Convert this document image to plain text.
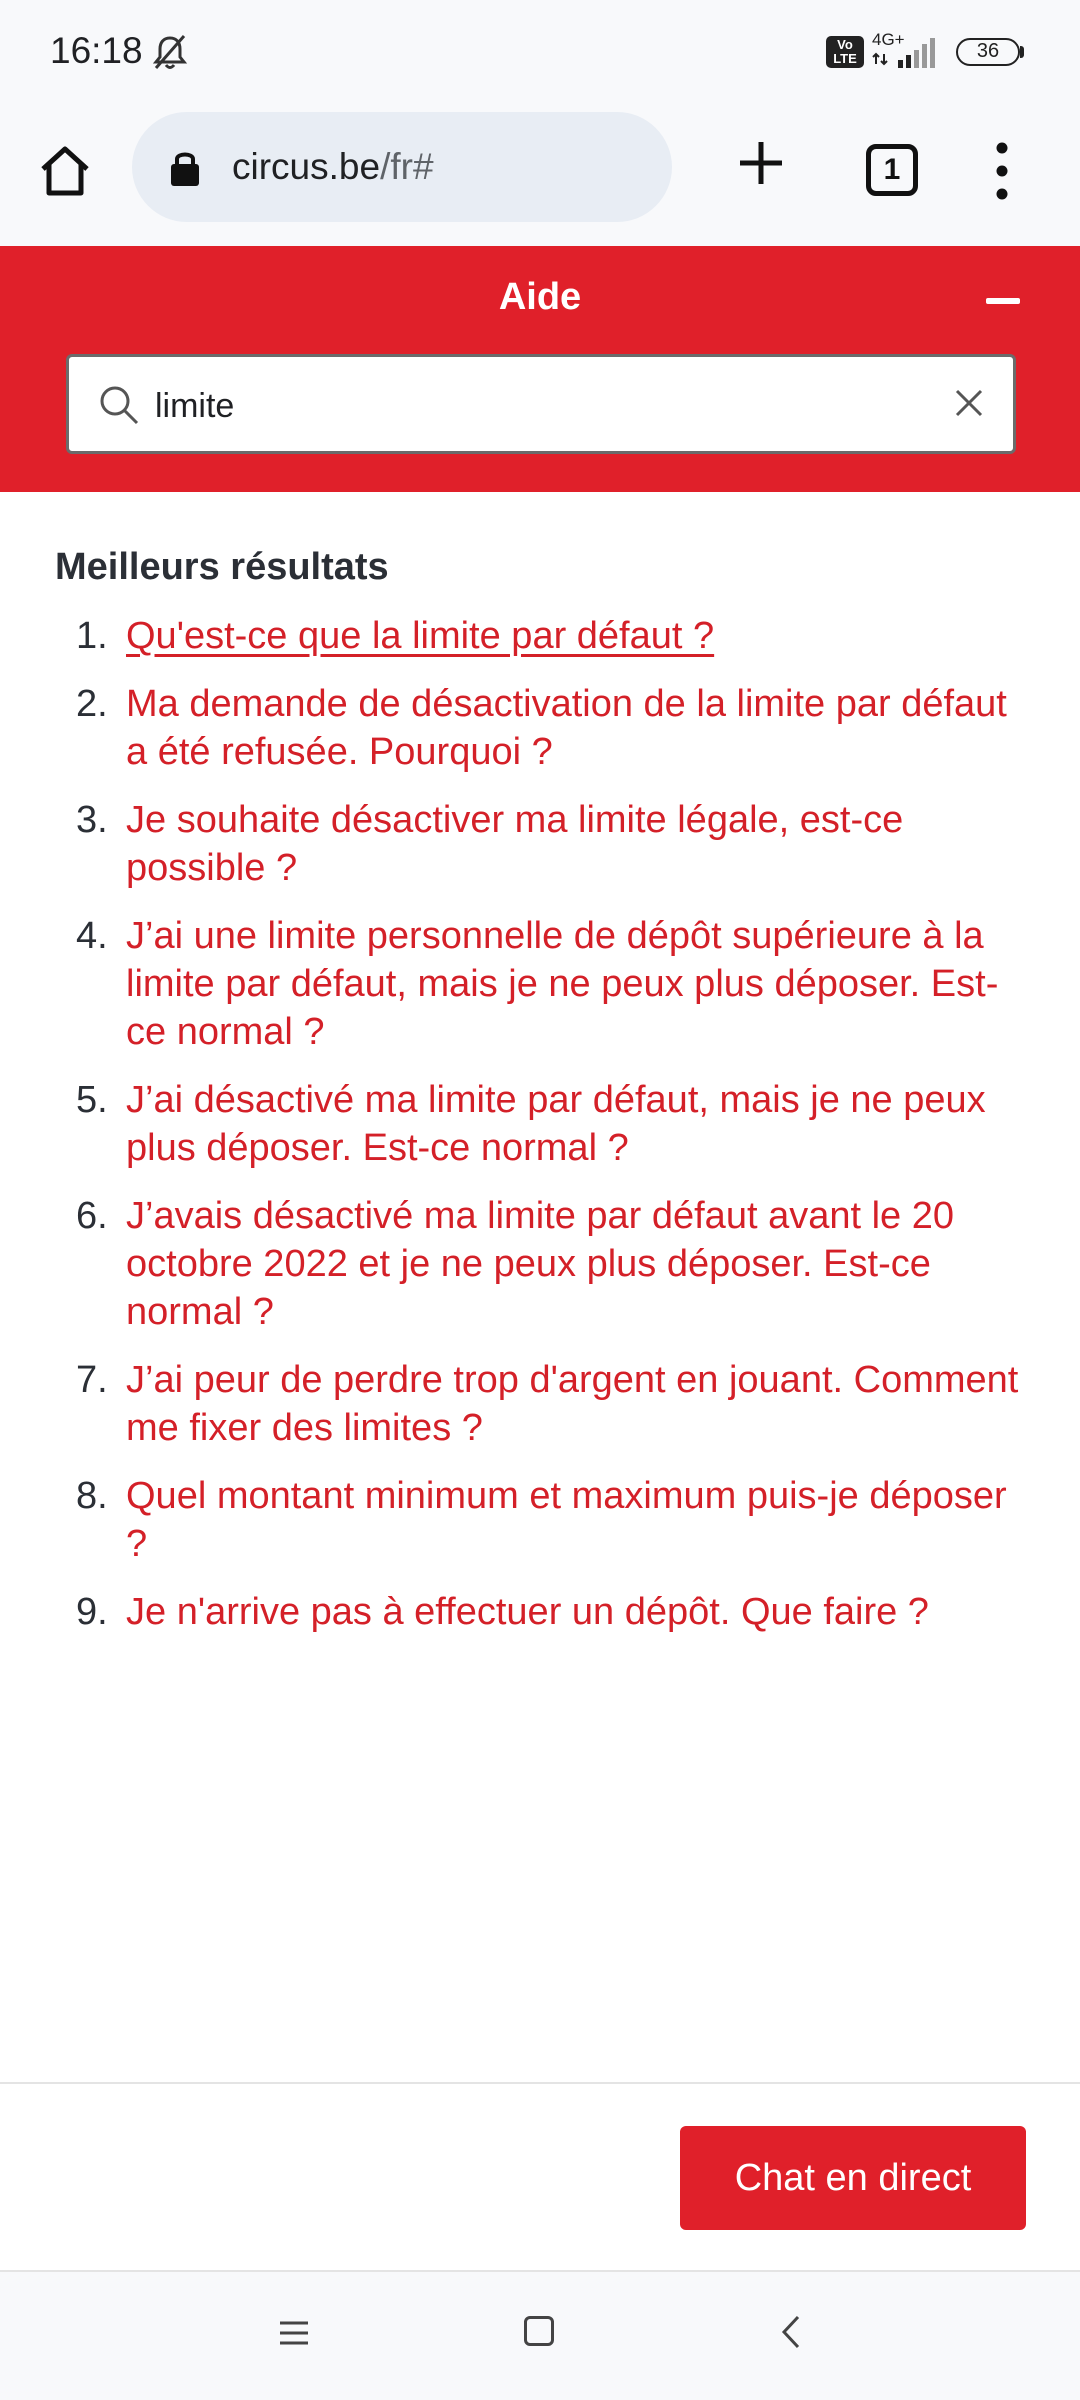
16:18	Vo LTE
4G+
36
circus.be/fr#	1
Aide
limite
Meilleurs résultats
1. Qu'est-ce que la limite par défaut ?
2. Ma demande de désactivation de la limite par défaut a été refusée. Pourquoi ?
3. Je souhaite désactiver ma limite légale, est-ce possible ?
4. J’ai une limite personnelle de dépôt supérieure à la limite par défaut, mais je ne peux plus déposer. Est-ce normal ?
5. J’ai désactivé ma limite par défaut, mais je ne peux plus déposer. Est-ce normal ?
6. J’avais désactivé ma limite par défaut avant le 20 octobre 2022 et je ne peux plus déposer. Est-ce normal ?
7. J’ai peur de perdre trop d'argent en jouant. Comment me fixer des limites ?
8. Quel montant minimum et maximum puis-je déposer ?
9. Je n'arrive pas à effectuer un dépôt. Que faire ?
Chat en direct
